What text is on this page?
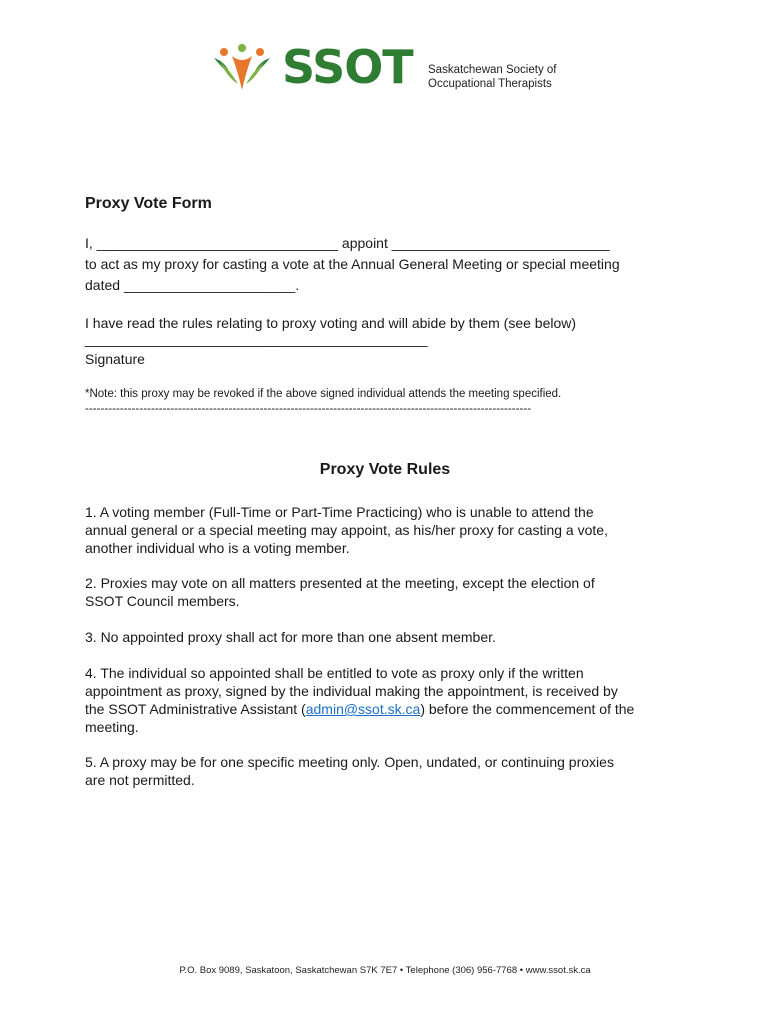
SSOT Saskatchewan Society of
Occupational Therapists
Proxy Vote Form
I, _______________________________ appoint ____________________________
to act as my proxy for casting a vote at the Annual General Meeting or special meeting
dated ______________________.
I have read the rules relating to proxy voting and will abide by them (see below)
____________________________________________
Signature
*Note: this proxy may be revoked if the above signed individual attends the meeting specified.
-------------------------------------------------------------------------------------------------------------------
Proxy Vote Rules

1. A voting member (Full-Time or Part-Time Practicing) who is unable to attend the

annual general or a special meeting may appoint, as his/her proxy for casting a vote,

another individual who is a voting member.

2. Proxies may vote on all matters presented at the meeting, except the election of

SSOT Council members.

3. No appointed proxy shall act for more than one absent member.

4. The individual so appointed shall be entitled to vote as proxy only if the written

appointment as proxy, signed by the individual making the appointment, is received by

the SSOT Administrative Assistant (admin@ssot.sk.ca) before the commencement of the

meeting.

5. A proxy may be for one specific meeting only. Open, undated, or continuing proxies

are not permitted.

P.O. Box 9089, Saskatoon, Saskatchewan S7K 7E7 • Telephone (306) 956-7768 • www.ssot.sk.ca
